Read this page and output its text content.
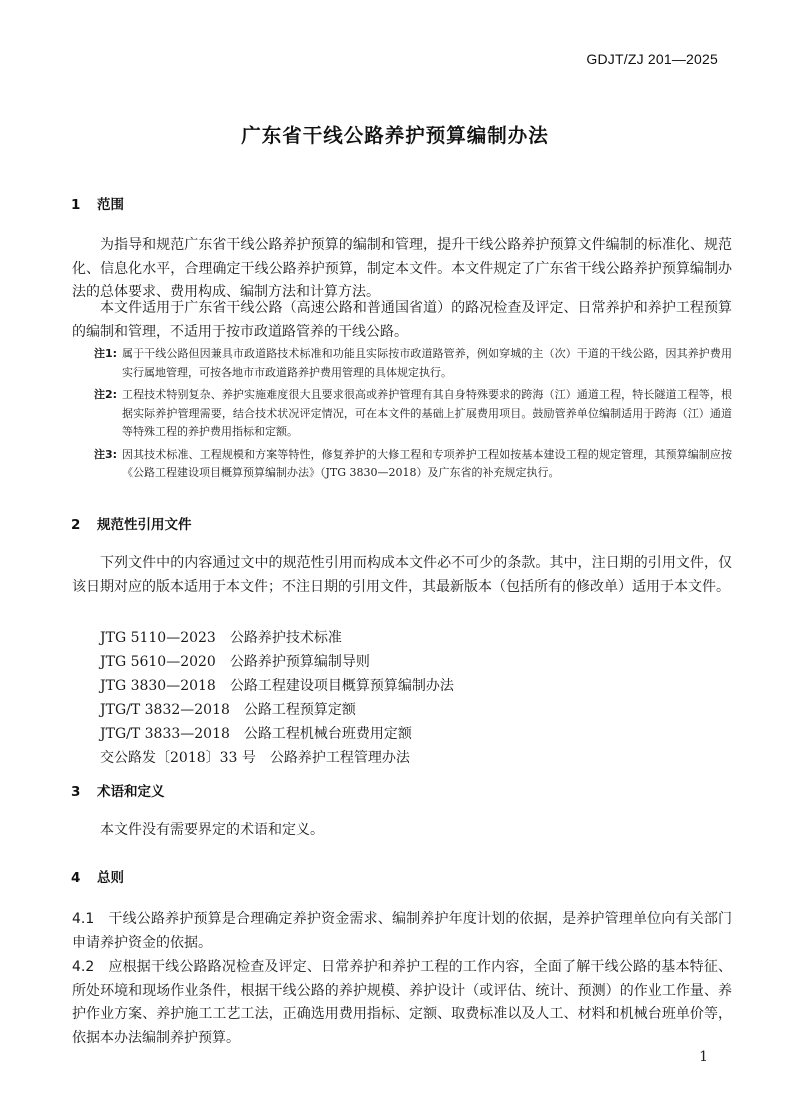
GDJT/ZJ 201—2025
广东省干线公路养护预算编制办法
1 范围
为指导和规范广东省干线公路养护预算的编制和管理，提升干线公路养护预算文件编制的标准化、规范化、信息化水平，合理确定干线公路养护预算，制定本文件。本文件规定了广东省干线公路养护预算编制办法的总体要求、费用构成、编制方法和计算方法。
本文件适用于广东省干线公路（高速公路和普通国省道）的路况检查及评定、日常养护和养护工程预算的编制和管理，不适用于按市政道路管养的干线公路。
注1: 属于干线公路但因兼具市政道路技术标准和功能且实际按市政道路管养，例如穿城的主（次）干道的干线公路，因其养护费用实行属地管理，可按各地市市政道路养护费用管理的具体规定执行。
注2: 工程技术特别复杂、养护实施难度很大且要求很高或养护管理有其自身特殊要求的跨海（江）通道工程，特长隧道工程等，根据实际养护管理需要，结合技术状况评定情况，可在本文件的基础上扩展费用项目。鼓励管养单位编制适用于跨海（江）通道等特殊工程的养护费用指标和定额。
注3: 因其技术标准、工程规模和方案等特性，修复养护的大修工程和专项养护工程如按基本建设工程的规定管理，其预算编制应按《公路工程建设项目概算预算编制办法》（JTG 3830—2018）及广东省的补充规定执行。
2 规范性引用文件
下列文件中的内容通过文中的规范性引用而构成本文件必不可少的条款。其中，注日期的引用文件，仅该日期对应的版本适用于本文件；不注日期的引用文件，其最新版本（包括所有的修改单）适用于本文件。
JTG 5110—2023 公路养护技术标准
JTG 5610—2020 公路养护预算编制导则
JTG 3830—2018 公路工程建设项目概算预算编制办法
JTG/T 3832—2018 公路工程预算定额
JTG/T 3833—2018 公路工程机械台班费用定额
交公路发〔2018〕33 号 公路养护工程管理办法
3 术语和定义
本文件没有需要界定的术语和定义。
4 总则
4.1 干线公路养护预算是合理确定养护资金需求、编制养护年度计划的依据，是养护管理单位向有关部门申请养护资金的依据。
4.2 应根据干线公路路况检查及评定、日常养护和养护工程的工作内容，全面了解干线公路的基本特征、所处环境和现场作业条件，根据干线公路的养护规模、养护设计（或评估、统计、预测）的作业工作量、养护作业方案、养护施工工艺工法，正确选用费用指标、定额、取费标准以及人工、材料和机械台班单价等，依据本办法编制养护预算。
1
